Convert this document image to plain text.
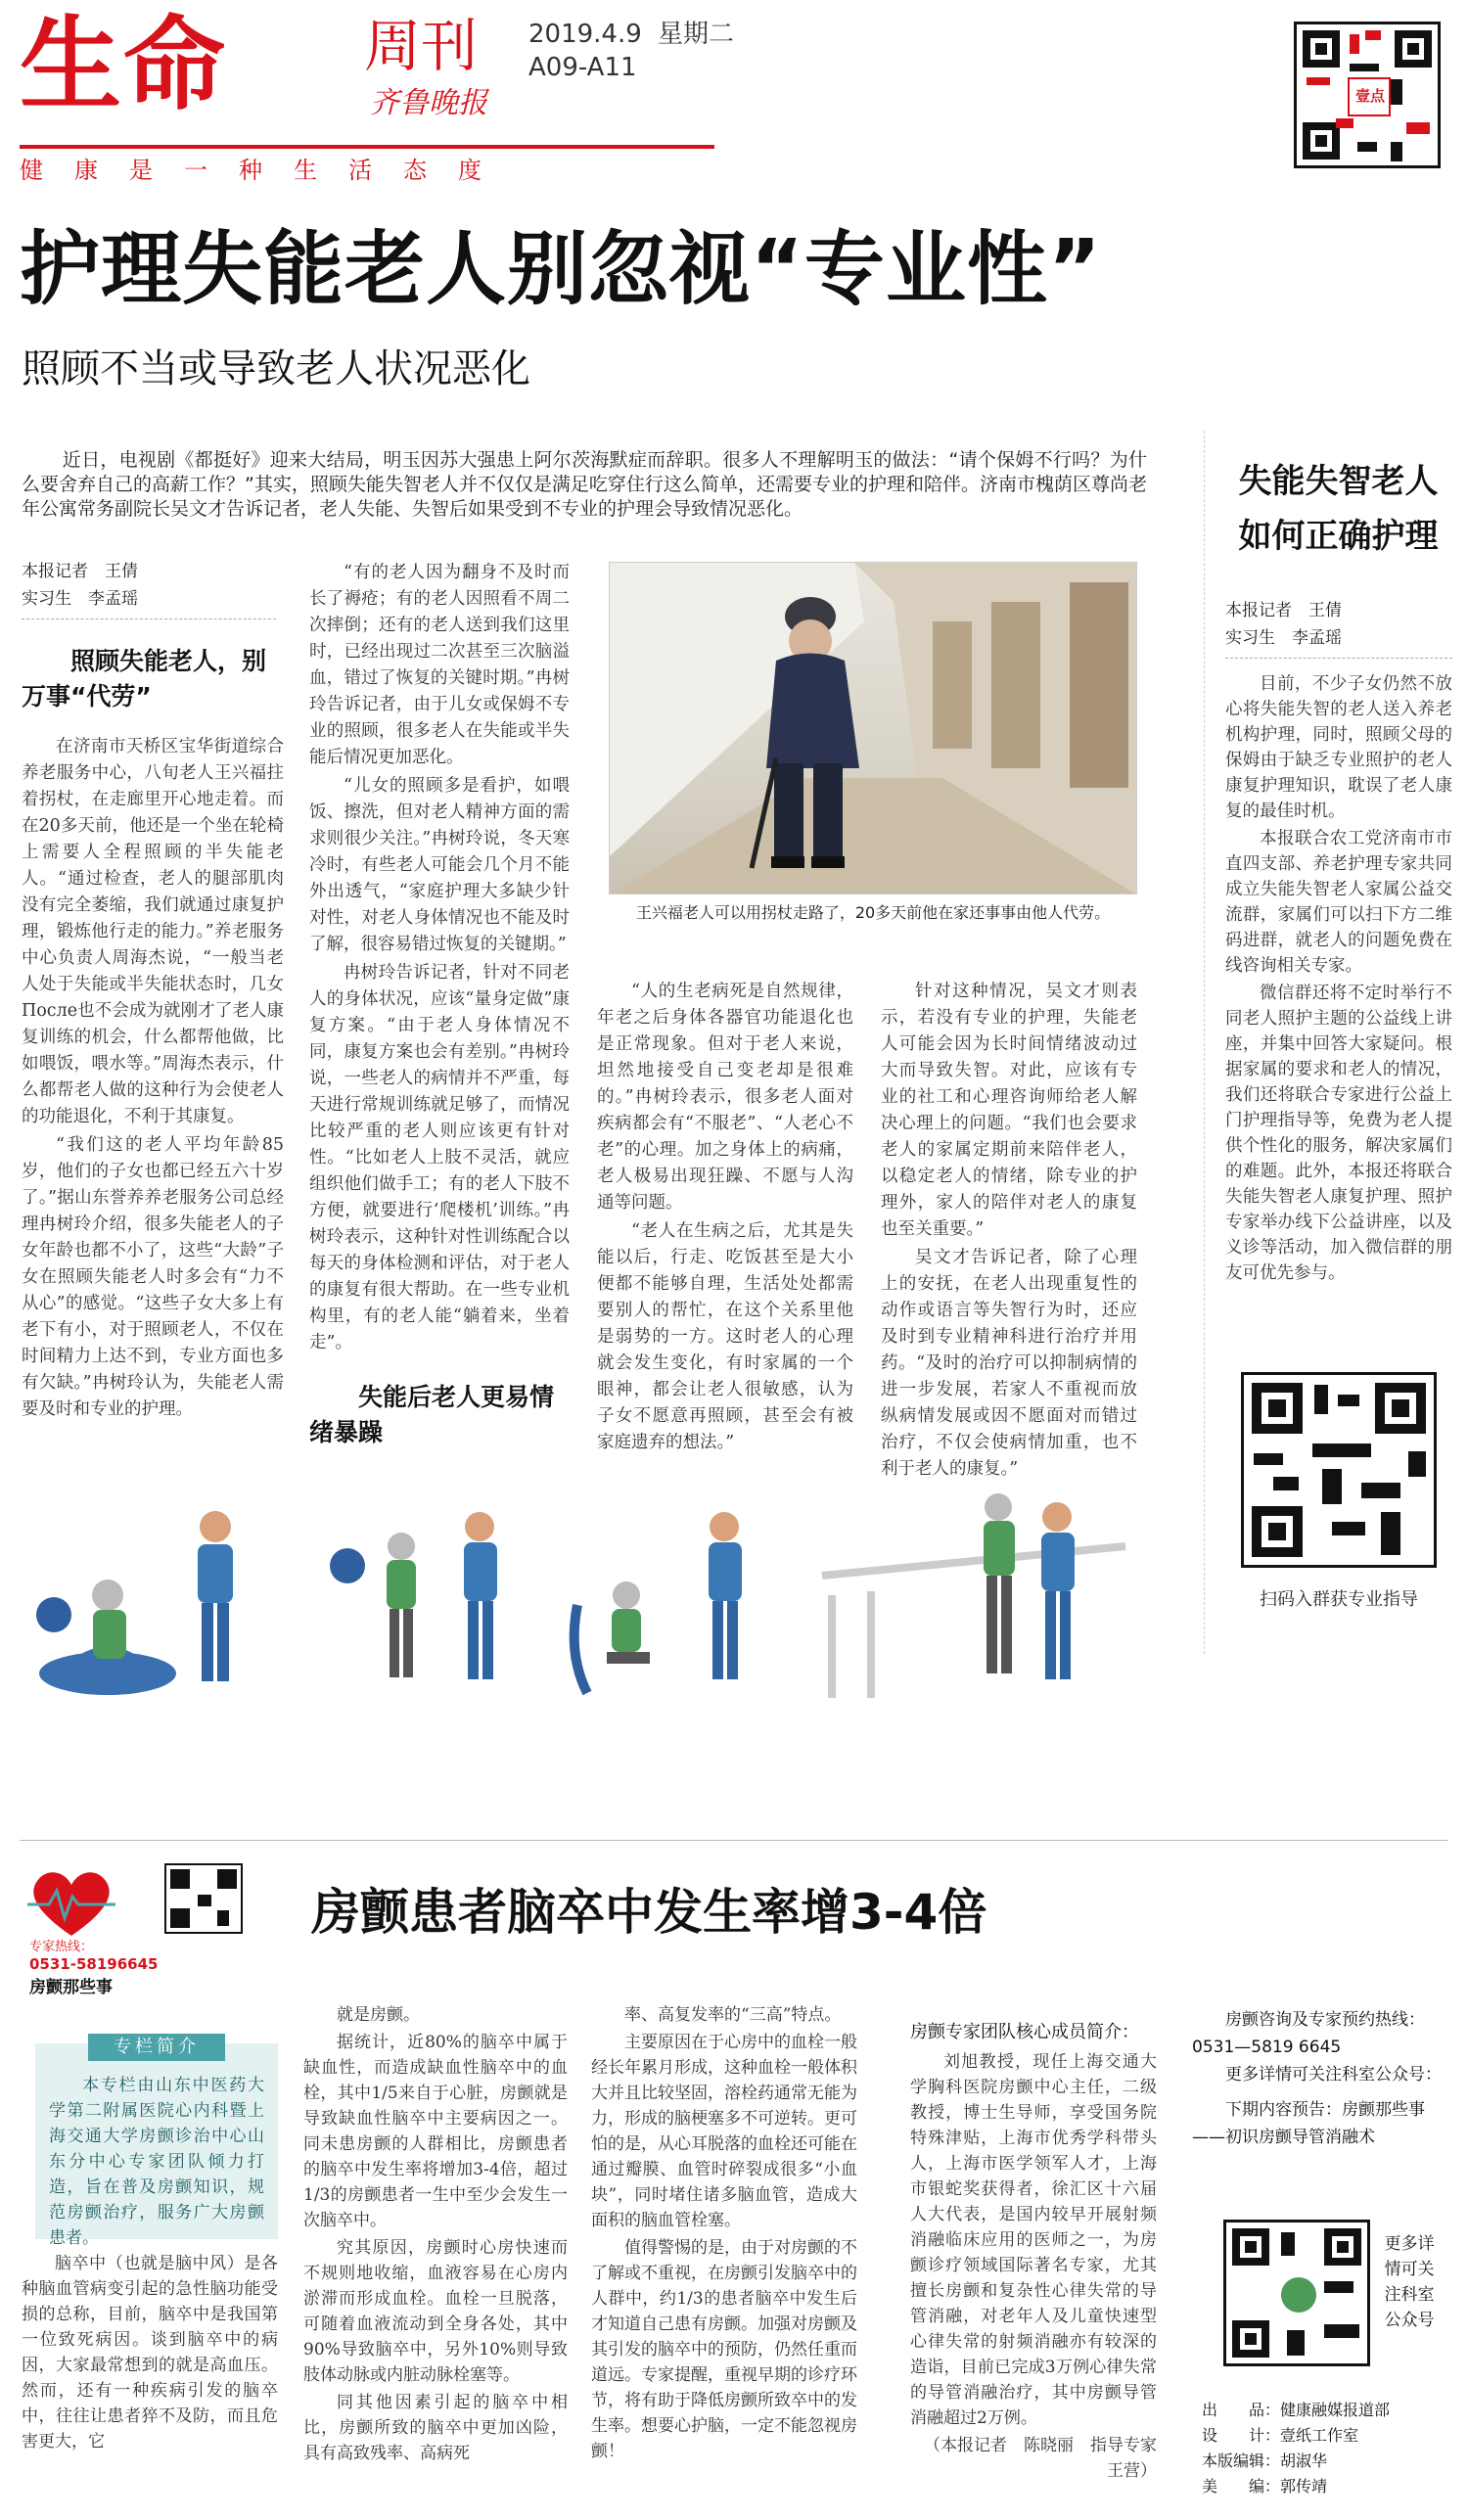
生命 周刊
齐鲁晚报
2019.4.9 星期二
A09-A11
健康是一种生活态度
壹点
护理失能老人别忽视“专业性”
照顾不当或导致老人状况恶化
近日，电视剧《都挺好》迎来大结局，明玉因苏大强患上阿尔茨海默症而辞职。很多人不理解明玉的做法：“请个保姆不行吗？为什么要舍弃自己的高薪工作？”其实，照顾失能失智老人并不仅仅是满足吃穿住行这么简单，还需要专业的护理和陪伴。济南市槐荫区尊尚老年公寓常务副院长吴文才告诉记者，老人失能、失智后如果受到不专业的护理会导致情况恶化。
本报记者　王倩
实习生　李孟瑶
照顾失能老人，别万事“代劳”

在济南市天桥区宝华街道综合养老服务中心，八旬老人王兴福拄着拐杖，在走廊里开心地走着。而在20多天前，他还是一个坐在轮椅上需要人全程照顾的半失能老人。“通过检查，老人的腿部肌肉没有完全萎缩，我们就通过康复护理，锻炼他行走的能力。”养老服务中心负责人周海杰说，“一般当老人处于失能或半失能状态时，几女После也不会成为就刚才了老人康复训练的机会，什么都帮他做，比如喂饭，喂水等。”周海杰表示，什么都帮老人做的这种行为会使老人的功能退化，不利于其康复。

“我们这的老人平均年龄85岁，他们的子女也都已经五六十岁了。”据山东誉养养老服务公司总经理冉树玲介绍，很多失能老人的子女年龄也都不小了，这些“大龄”子女在照顾失能老人时多会有“力不从心”的感觉。“这些子女大多上有老下有小，对于照顾老人，不仅在时间精力上达不到，专业方面也多有欠缺。”冉树玲认为，失能老人需要及时和专业的护理。

“有的老人因为翻身不及时而长了褥疮；有的老人因照看不周二次摔倒；还有的老人送到我们这里时，已经出现过二次甚至三次脑溢血，错过了恢复的关键时期。”冉树玲告诉记者，由于儿女或保姆不专业的照顾，很多老人在失能或半失能后情况更加恶化。

“儿女的照顾多是看护，如喂饭、擦洗，但对老人精神方面的需求则很少关注。”冉树玲说，冬天寒冷时，有些老人可能会几个月不能外出透气，“家庭护理大多缺少针对性，对老人身体情况也不能及时了解，很容易错过恢复的关键期。”

冉树玲告诉记者，针对不同老人的身体状况，应该“量身定做”康复方案。“由于老人身体情况不同，康复方案也会有差别。”冉树玲说，一些老人的病情并不严重，每天进行常规训练就足够了，而情况比较严重的老人则应该更有针对性。“比如老人上肢不灵活，就应组织他们做手工；有的老人下肢不方便，就要进行‘爬楼机’训练。”冉树玲表示，这种针对性训练配合以每天的身体检测和评估，对于老人的康复有很大帮助。在一些专业机构里，有的老人能“躺着来，坐着走”。

失能后老人更易情绪暴躁
王兴福老人可以用拐杖走路了，20多天前他在家还事事由他人代劳。

“人的生老病死是自然规律，年老之后身体各器官功能退化也是正常现象。但对于老人来说，坦然地接受自己变老却是很难的。”冉树玲表示，很多老人面对疾病都会有“不服老”、“人老心不老”的心理。加之身体上的病痛，老人极易出现狂躁、不愿与人沟通等问题。

“老人在生病之后，尤其是失能以后，行走、吃饭甚至是大小便都不能够自理，生活处处都需要别人的帮忙，在这个关系里他是弱势的一方。这时老人的心理就会发生变化，有时家属的一个眼神，都会让老人很敏感，认为子女不愿意再照顾，甚至会有被家庭遗弃的想法。”

针对这种情况，吴文才则表示，若没有专业的护理，失能老人可能会因为长时间情绪波动过大而导致失智。对此，应该有专业的社工和心理咨询师给老人解决心理上的问题。“我们也会要求老人的家属定期前来陪伴老人，以稳定老人的情绪，除专业的护理外，家人的陪伴对老人的康复也至关重要。”

吴文才告诉记者，除了心理上的安抚，在老人出现重复性的动作或语言等失智行为时，还应及时到专业精神科进行治疗并用药。“及时的治疗可以抑制病情的进一步发展，若家人不重视而放纵病情发展或因不愿面对而错过治疗，不仅会使病情加重，也不利于老人的康复。”

失能失智老人
如何正确护理
本报记者　王倩
实习生　李孟瑶

目前，不少子女仍然不放心将失能失智的老人送入养老机构护理，同时，照顾父母的保姆由于缺乏专业照护的老人康复护理知识，耽误了老人康复的最佳时机。

本报联合农工党济南市市直四支部、养老护理专家共同成立失能失智老人家属公益交流群，家属们可以扫下方二维码进群，就老人的问题免费在线咨询相关专家。

微信群还将不定时举行不同老人照护主题的公益线上讲座，并集中回答大家疑问。根据家属的要求和老人的情况，我们还将联合专家进行公益上门护理指导等，免费为老人提供个性化的服务，解决家属们的难题。此外，本报还将联合失能失智老人康复护理、照护专家举办线下公益讲座，以及义诊等活动，加入微信群的朋友可优先参与。

扫码入群获专业指导
专家热线：
0531-58196645
房颤那些事
房颤患者脑卒中发生率增3-4倍
专栏简介
本专栏由山东中医药大学第二附属医院心内科暨上海交通大学房颤诊治中心山东分中心专家团队倾力打造，旨在普及房颤知识，规范房颤治疗，服务广大房颤患者。

脑卒中（也就是脑中风）是各种脑血管病变引起的急性脑功能受损的总称，目前，脑卒中是我国第一位致死病因。谈到脑卒中的病因，大家最常想到的就是高血压。然而，还有一种疾病引发的脑卒中，往往让患者猝不及防，而且危害更大，它

就是房颤。

据统计，近80%的脑卒中属于缺血性，而造成缺血性脑卒中的血栓，其中1/5来自于心脏，房颤就是导致缺血性脑卒中主要病因之一。同未患房颤的人群相比，房颤患者的脑卒中发生率将增加3-4倍，超过1/3的房颤患者一生中至少会发生一次脑卒中。

究其原因，房颤时心房快速而不规则地收缩，血液容易在心房内淤滞而形成血栓。血栓一旦脱落，可随着血液流动到全身各处，其中90%导致脑卒中，另外10%则导致肢体动脉或内脏动脉栓塞等。

同其他因素引起的脑卒中相比，房颤所致的脑卒中更加凶险，具有高致残率、高病死

率、高复发率的“三高”特点。

主要原因在于心房中的血栓一般经长年累月形成，这种血栓一般体积大并且比较坚固，溶栓药通常无能为力，形成的脑梗塞多不可逆转。更可怕的是，从心耳脱落的血栓还可能在通过瓣膜、血管时碎裂成很多“小血块”，同时堵住诸多脑血管，造成大面积的脑血管栓塞。

值得警惕的是，由于对房颤的不了解或不重视，在房颤引发脑卒中的人群中，约1/3的患者脑卒中发生后才知道自己患有房颤。加强对房颤及其引发的脑卒中的预防，仍然任重而道远。专家提醒，重视早期的诊疗环节，将有助于降低房颤所致卒中的发生率。想要心护脑，一定不能忽视房颤！

房颤专家团队核心成员简介：

刘旭教授，现任上海交通大学胸科医院房颤中心主任，二级教授，博士生导师，享受国务院特殊津贴，上海市优秀学科带头人，上海市医学领军人才，上海市银蛇奖获得者，徐汇区十六届人大代表，是国内较早开展射频消融临床应用的医师之一，为房颤诊疗领域国际著名专家，尤其擅长房颤和复杂性心律失常的导管消融，对老年人及儿童快速型心律失常的射频消融亦有较深的造诣，目前已完成3万例心律失常的导管消融治疗，其中房颤导管消融超过2万例。

（本报记者　陈晓丽　指导专家　王营）

房颤咨询及专家预约热线：0531—5819 6645

更多详情可关注科室公众号：

下期内容预告：房颤那些事——初识房颤导管消融术

更多详情可关注科室公众号
出　　品：健康融媒报道部
设　　计：壹纸工作室
本版编辑：胡淑华
美　　编：郭传靖
